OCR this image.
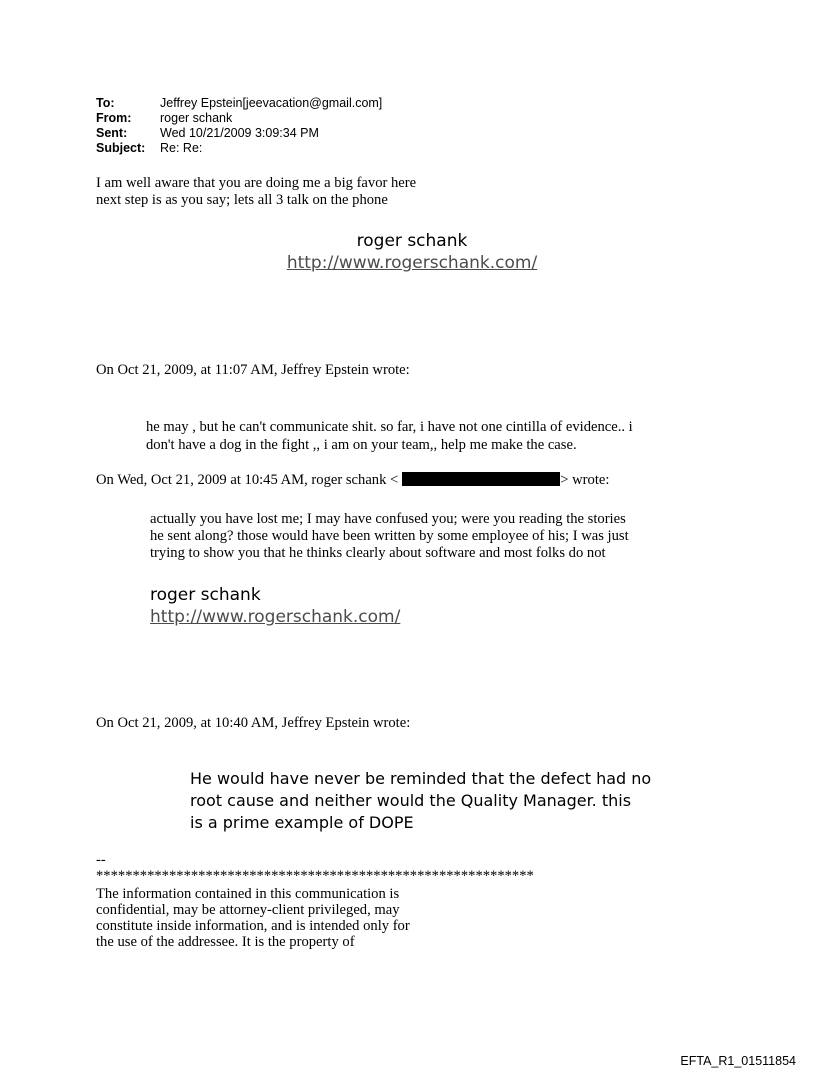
To:	Jeffrey Epstein[jeevacation@gmail.com]
From:	roger schank
Sent:	Wed 10/21/2009 3:09:34 PM
Subject:	Re: Re:
I am well aware that you are doing me a big favor here
next step is as you say; lets all 3 talk on the phone
roger schank
http://www.rogerschank.com/
On Oct 21, 2009, at 11:07 AM, Jeffrey Epstein wrote:
he may , but he can't communicate shit. so far, i have not one cintilla of evidence.. i
don't have a dog in the fight ,, i am on your team,, help me make the case.
On Wed, Oct 21, 2009 at 10:45 AM, roger schank <	> wrote:
actually you have lost me; I may have confused you; were you reading the stories
he sent along? those would have been written by some employee of his; I was just
trying to show you that he thinks clearly about software and most folks do not
roger schank
http://www.rogerschank.com/
On Oct 21, 2009, at 10:40 AM, Jeffrey Epstein wrote:
He would have never be reminded that the defect had no
root cause and neither would the Quality Manager. this
is a prime example of DOPE
--
************************************************************
The information contained in this communication is
confidential, may be attorney-client privileged, may
constitute inside information, and is intended only for
the use of the addressee. It is the property of
EFTA_R1_01511854
